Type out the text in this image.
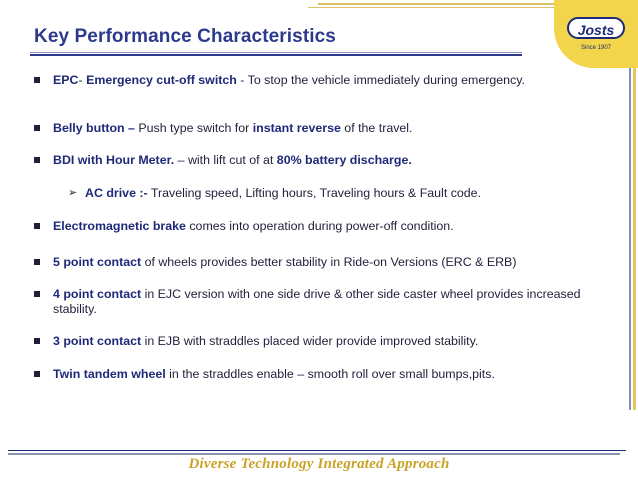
Josts
Since 1907
Key Performance Characteristics
EPC- Emergency cut-off switch - To stop the vehicle immediately during emergency.
Belly button – Push type switch for instant reverse of the travel.
BDI with Hour Meter. – with lift cut of at 80% battery discharge.
➢ AC drive :- Traveling speed, Lifting hours, Traveling hours & Fault code.
Electromagnetic brake comes into operation during power-off condition.
5 point contact of wheels provides better stability in Ride-on Versions (ERC & ERB)
4 point contact in EJC version with one side drive & other side caster wheel provides increased stability.
3 point contact in EJB with straddles placed wider provide improved stability.
Twin tandem wheel in the straddles enable – smooth roll over small bumps,pits.
Diverse Technology Integrated Approach
